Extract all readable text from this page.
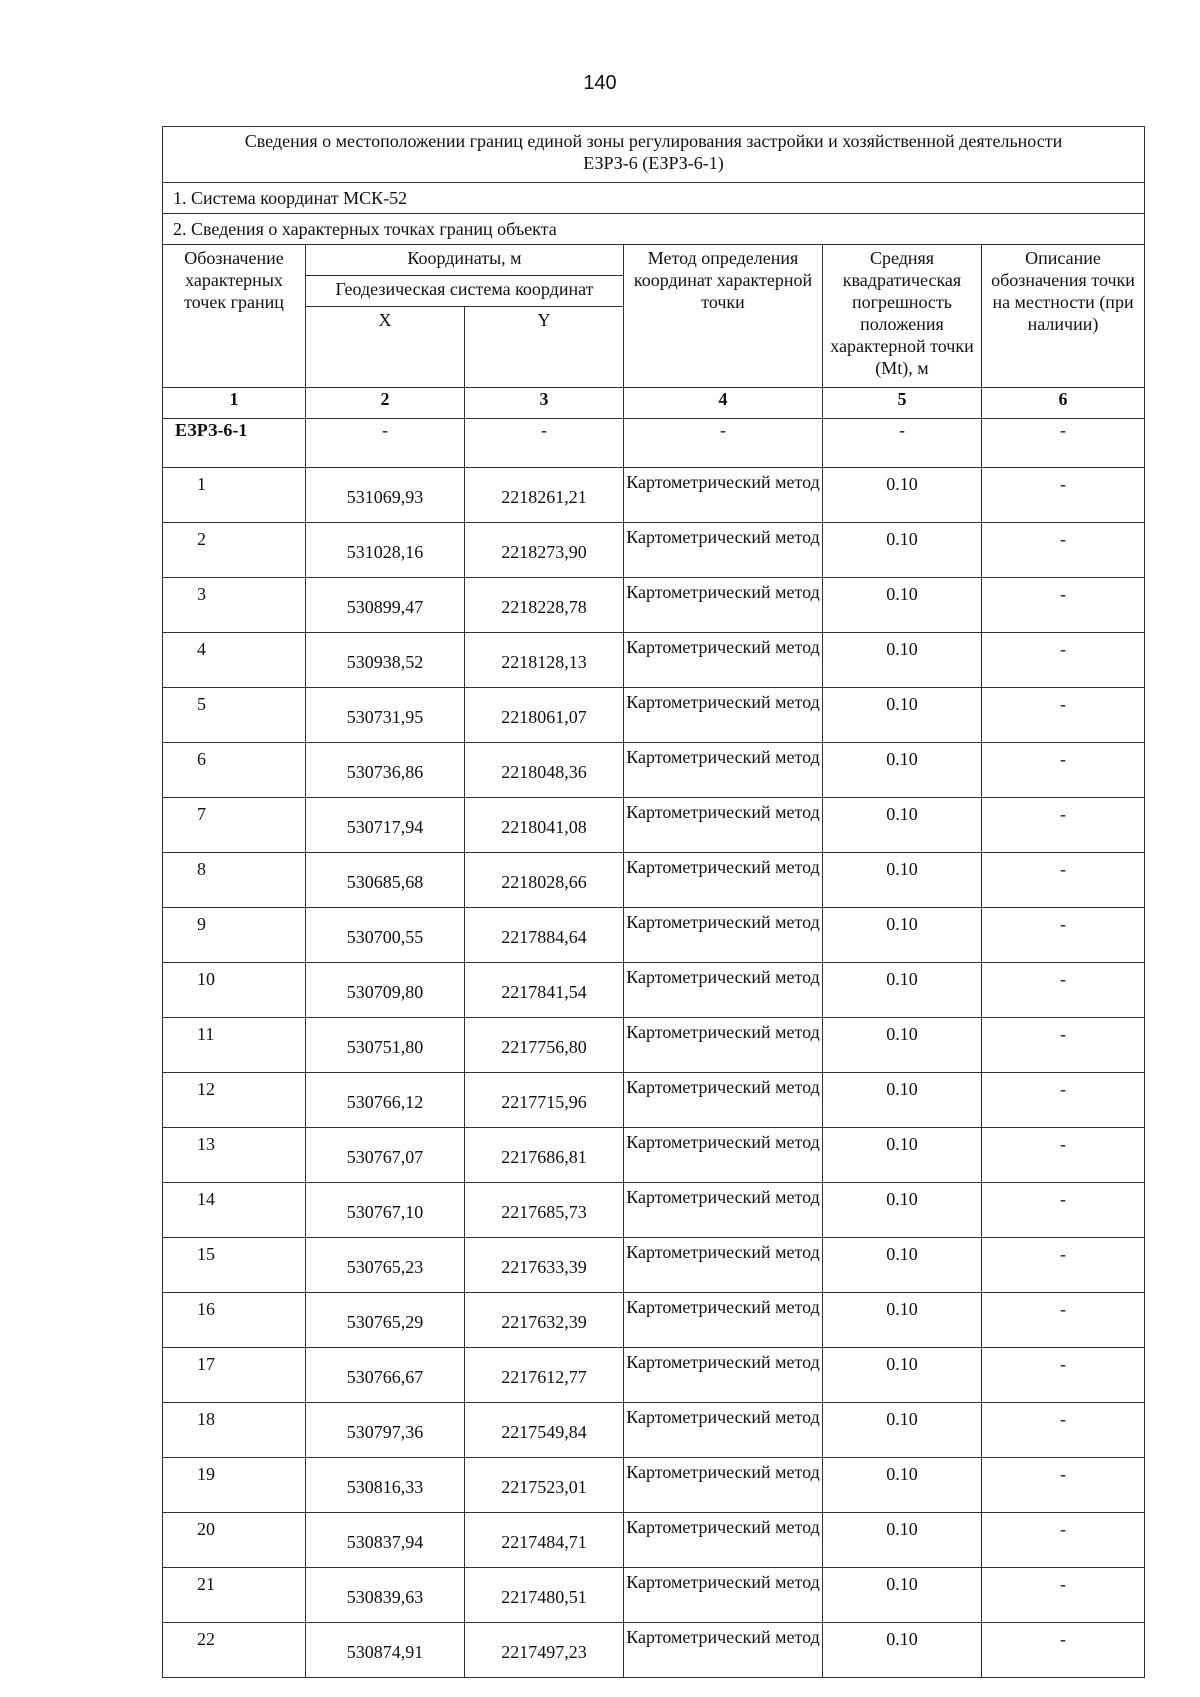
140
Сведения о местоположении границ единой зоны регулирования застройки и хозяйственной деятельности
ЕЗРЗ-6 (ЕЗРЗ-6-1)					

1. Система координат МСК-52					
2. Сведения о характерных точках границ объекта					
Обозначение характерных точек границ	Координаты, м		Метод определения координат характерной точки	Средняя квадратическая погрешность положения характерной точки (Mt), м	Описание обозначения точки на местности (при наличии)
	Геодезическая система координат				
	X	Y			
1	2	3	4	5	6
ЕЗРЗ-6-1	-	-	-	-	-
1	531069,93	2218261,21	Картометрический метод	0.10	-
2	531028,16	2218273,90	Картометрический метод	0.10	-
3	530899,47	2218228,78	Картометрический метод	0.10	-
4	530938,52	2218128,13	Картометрический метод	0.10	-
5	530731,95	2218061,07	Картометрический метод	0.10	-
6	530736,86	2218048,36	Картометрический метод	0.10	-
7	530717,94	2218041,08	Картометрический метод	0.10	-
8	530685,68	2218028,66	Картометрический метод	0.10	-
9	530700,55	2217884,64	Картометрический метод	0.10	-
10	530709,80	2217841,54	Картометрический метод	0.10	-
11	530751,80	2217756,80	Картометрический метод	0.10	-
12	530766,12	2217715,96	Картометрический метод	0.10	-
13	530767,07	2217686,81	Картометрический метод	0.10	-
14	530767,10	2217685,73	Картометрический метод	0.10	-
15	530765,23	2217633,39	Картометрический метод	0.10	-
16	530765,29	2217632,39	Картометрический метод	0.10	-
17	530766,67	2217612,77	Картометрический метод	0.10	-
18	530797,36	2217549,84	Картометрический метод	0.10	-
19	530816,33	2217523,01	Картометрический метод	0.10	-
20	530837,94	2217484,71	Картометрический метод	0.10	-
21	530839,63	2217480,51	Картометрический метод	0.10	-
22	530874,91	2217497,23	Картометрический метод	0.10	-
